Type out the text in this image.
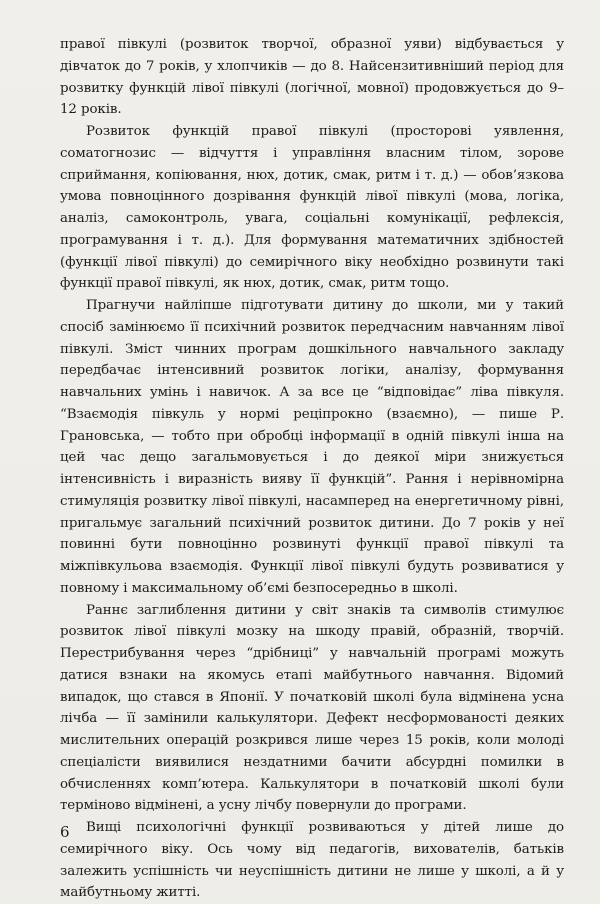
правої півкулі (розвиток творчої, образної уяви) відбувається у дівчаток до 7 років, у хлопчиків — до 8. Найсензитивніший період для розвитку функцій лівої півкулі (логічної, мовної) продовжується до 9–12 років.

Розвиток функцій правої півкулі (просторові уявлення, соматогнозис — відчуття і управління власним тілом, зорове сприймання, копіювання, нюх, дотик, смак, ритм і т. д.) — обов’язкова умова повноцінного дозрівання функцій лівої півкулі (мова, логіка, аналіз, самоконтроль, увага, соціальні комунікації, рефлексія, програмування і т. д.). Для формування математичних здібностей (функції лівої півкулі) до семирічного віку необхідно розвинути такі функції правої півкулі, як нюх, дотик, смак, ритм тощо.

Прагнучи найліпше підготувати дитину до школи, ми у такий спосіб замінюємо її психічний розвиток передчасним навчанням лівої півкулі. Зміст чинних програм дошкільного навчального закладу передбачає інтенсивний розвиток логіки, аналізу, формування навчальних умінь і навичок. А за все це “відповідає” ліва півкуля. “Взаємодія півкуль у нормі реціпрокно (взаємно), — пише Р. Грановська, — тобто при обробці інформації в одній півкулі інша на цей час дещо загальмовується і до деякої міри знижується інтенсивність і виразність вияву її функцій”. Рання і нерівномірна стимуляція розвитку лівої півкулі, насамперед на енергетичному рівні, пригальмує загальний психічний розвиток дитини. До 7 років у неї повинні бути повноцінно розвинуті функції правої півкулі та міжпівкульова взаємодія. Функції лівої півкулі будуть розвиватися у повному і максимальному об’ємі безпосередньо в школі.

Раннє заглиблення дитини у світ знаків та символів стимулює розвиток лівої півкулі мозку на шкоду правій, образній, творчій. Перестрибування через “дрібниці” у навчальній програмі можуть датися взнаки на якомусь етапі майбутнього навчання. Відомий випадок, що стався в Японії. У початковій школі була відмінена усна лічба — її замінили калькулятори. Дефект несформованості деяких мислительних операцій розкрився лише через 15 років, коли молоді спеціалісти виявилися нездатними бачити абсурдні помилки в обчисленнях комп’ютера. Калькулятори в початковій школі були терміново відмінені, а усну лічбу повернули до програми.

Вищі психологічні функції розвиваються у дітей лише до семирічного віку. Ось чому від педагогів, вихователів, батьків залежить успішність чи неуспішність дитини не лише у школі, а й у майбутньому житті.

6
